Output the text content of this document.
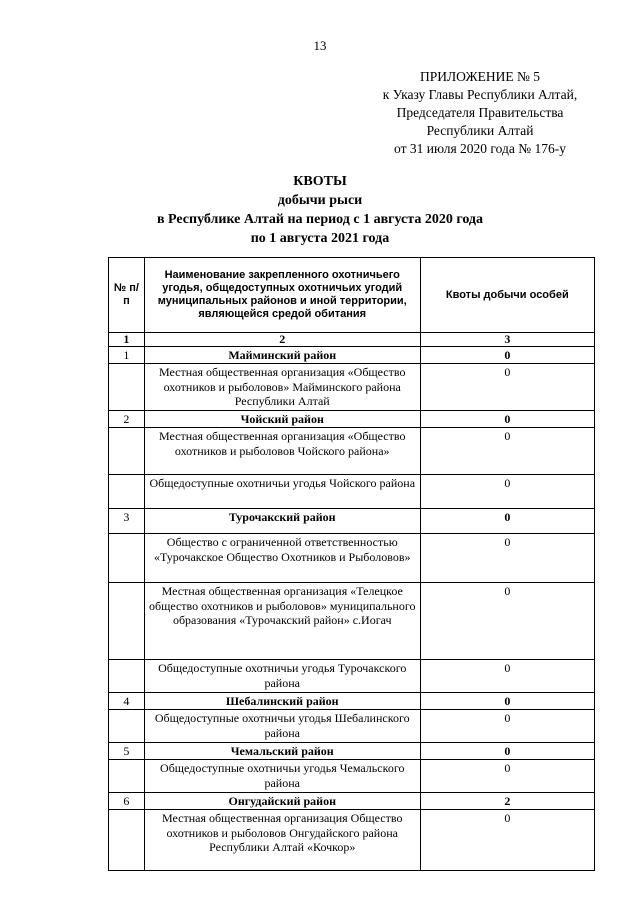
13
ПРИЛОЖЕНИЕ № 5
к Указу Главы Республики Алтай,
Председателя Правительства
Республики Алтай
от 31 июля 2020 года № 176-у
КВОТЫ
добычи рыси
в Республике Алтай на период с 1 августа 2020 года
по 1 августа 2021 года
№ п/п	Наименование закрепленного охотничьего угодья, общедоступных охотничьих угодий муниципальных районов и иной территории, являющейся средой обитания	Квоты добычи особей
1	2	3
1	Майминский район	0
	Местная общественная организация «Общество охотников и рыболовов» Майминского района Республики Алтай	0
2	Чойский район	0
	Местная общественная организация «Общество охотников и рыболовов Чойского района»	0
	Общедоступные охотничьи угодья Чойского района	0
3	Турочакский район	0
	Общество с ограниченной ответственностью «Турочакское Общество Охотников и Рыболовов»	0
	Местная общественная организация «Телецкое общество охотников и рыболовов» муниципального образования «Турочакский район» с.Иогач	0
	Общедоступные охотничьи угодья Турочакского района	0
4	Шебалинский район	0
	Общедоступные охотничьи угодья Шебалинского района	0
5	Чемальский район	0
	Общедоступные охотничьи угодья Чемальского района	0
6	Онгудайский район	2
	Местная общественная организация Общество охотников и рыболовов Онгудайского района Республики Алтай «Кочкор»	0
